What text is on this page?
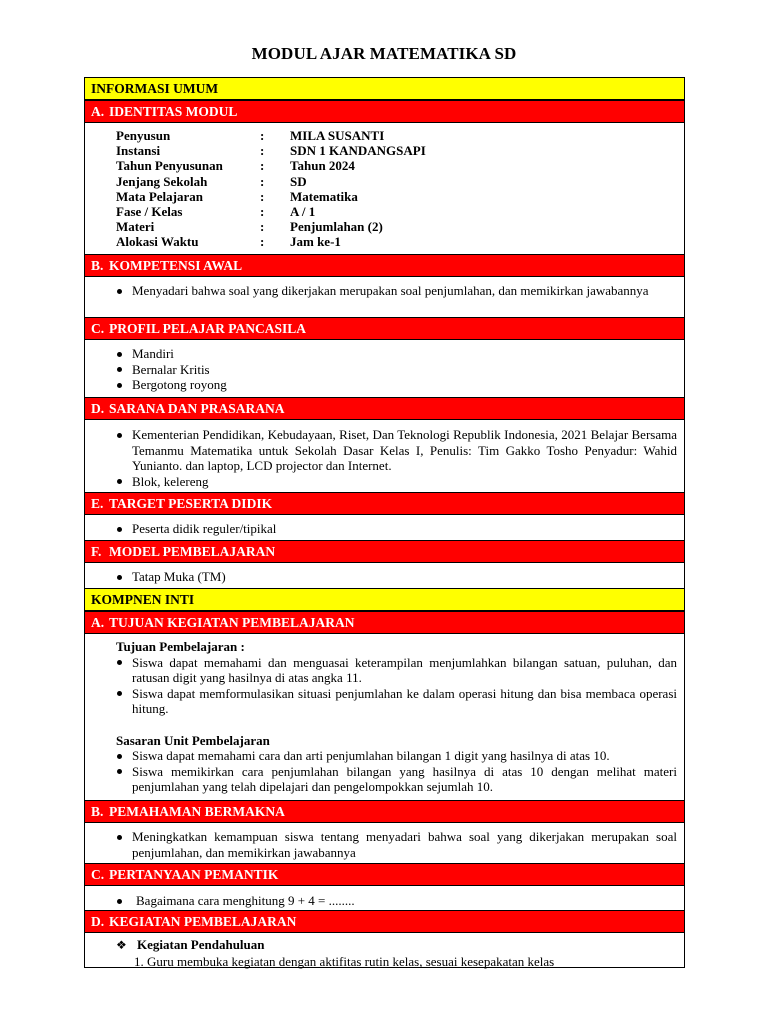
MODUL AJAR MATEMATIKA SD
INFORMASI UMUM
A. IDENTITAS MODUL
Penyusun	:	MILA SUSANTI
Instansi	:	SDN 1 KANDANGSAPI
Tahun Penyusunan	:	Tahun 2024
Jenjang Sekolah	:	SD
Mata Pelajaran	:	Matematika
Fase / Kelas	:	A / 1
Materi	:	Penjumlahan (2)
Alokasi Waktu	:	Jam ke-1
B. KOMPETENSI AWAL
Menyadari bahwa soal yang dikerjakan merupakan soal penjumlahan, dan memikirkan jawabannya
C. PROFIL PELAJAR PANCASILA
Mandiri
Bernalar Kritis
Bergotong royong
D. SARANA DAN PRASARANA
Kementerian Pendidikan, Kebudayaan, Riset, Dan Teknologi Republik Indonesia, 2021 Belajar Bersama Temanmu Matematika untuk Sekolah Dasar Kelas I, Penulis: Tim Gakko Tosho Penyadur: Wahid Yunianto. dan laptop, LCD projector dan Internet.
Blok, kelereng
E. TARGET PESERTA DIDIK
Peserta didik reguler/tipikal
F. MODEL PEMBELAJARAN
Tatap Muka (TM)
KOMPNEN INTI
A. TUJUAN KEGIATAN PEMBELAJARAN
Tujuan Pembelajaran :
Siswa dapat memahami dan menguasai keterampilan menjumlahkan bilangan satuan, puluhan, dan ratusan digit yang hasilnya di atas angka 11.
Siswa dapat memformulasikan situasi penjumlahan ke dalam operasi hitung dan bisa membaca operasi hitung.
Sasaran Unit Pembelajaran
Siswa dapat memahami cara dan arti penjumlahan bilangan 1 digit yang hasilnya di atas 10.
Siswa memikirkan cara penjumlahan bilangan yang hasilnya di atas 10 dengan melihat materi penjumlahan yang telah dipelajari dan pengelompokkan sejumlah 10.
B. PEMAHAMAN BERMAKNA
Meningkatkan kemampuan siswa tentang menyadari bahwa soal yang dikerjakan merupakan soal penjumlahan, dan memikirkan jawabannya
C. PERTANYAAN PEMANTIK
Bagaimana cara menghitung 9 + 4 = ........
D. KEGIATAN PEMBELAJARAN
❖ Kegiatan Pendahuluan
1. Guru membuka kegiatan dengan aktifitas rutin kelas, sesuai kesepakatan kelas
